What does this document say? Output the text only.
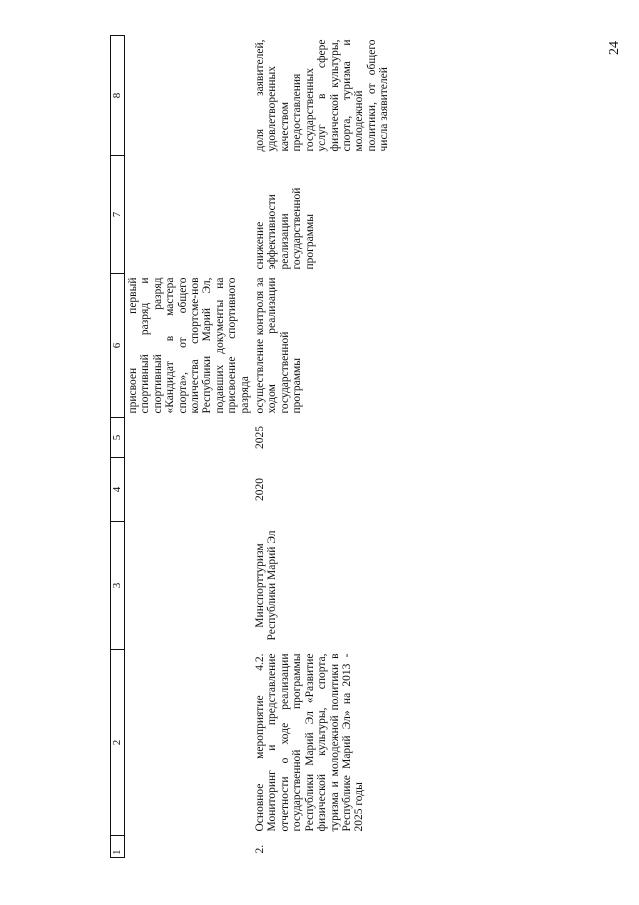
24
1	2	3	4	5	6	7	8
					присвоен первый спортивный разряд и спортивный разряд «Кандидат в мастера спорта», от общего количества спортсме-нов Республики Марий Эл, подавших документы на присвоение спортивного разряда		
2.	Основное мероприятие 4.2. Мониторинг и представление отчетности о ходе реализации государственной программы Республики Марий Эл «Развитие физической культуры, спорта, туризма и молодежной политики в Республике Марий Эл» на 2013 - 2025 годы	Минспорттуризм Республики Марий Эл	2020	2025	осуществление контроля за ходом реализации государственной программы	снижение эффективности реализации государственной программы	доля заявителей, удовлетворенных качеством предоставления государственных услуг в сфере физической культуры, спорта, туризма и молодежной политики, от общего числа заявителей
